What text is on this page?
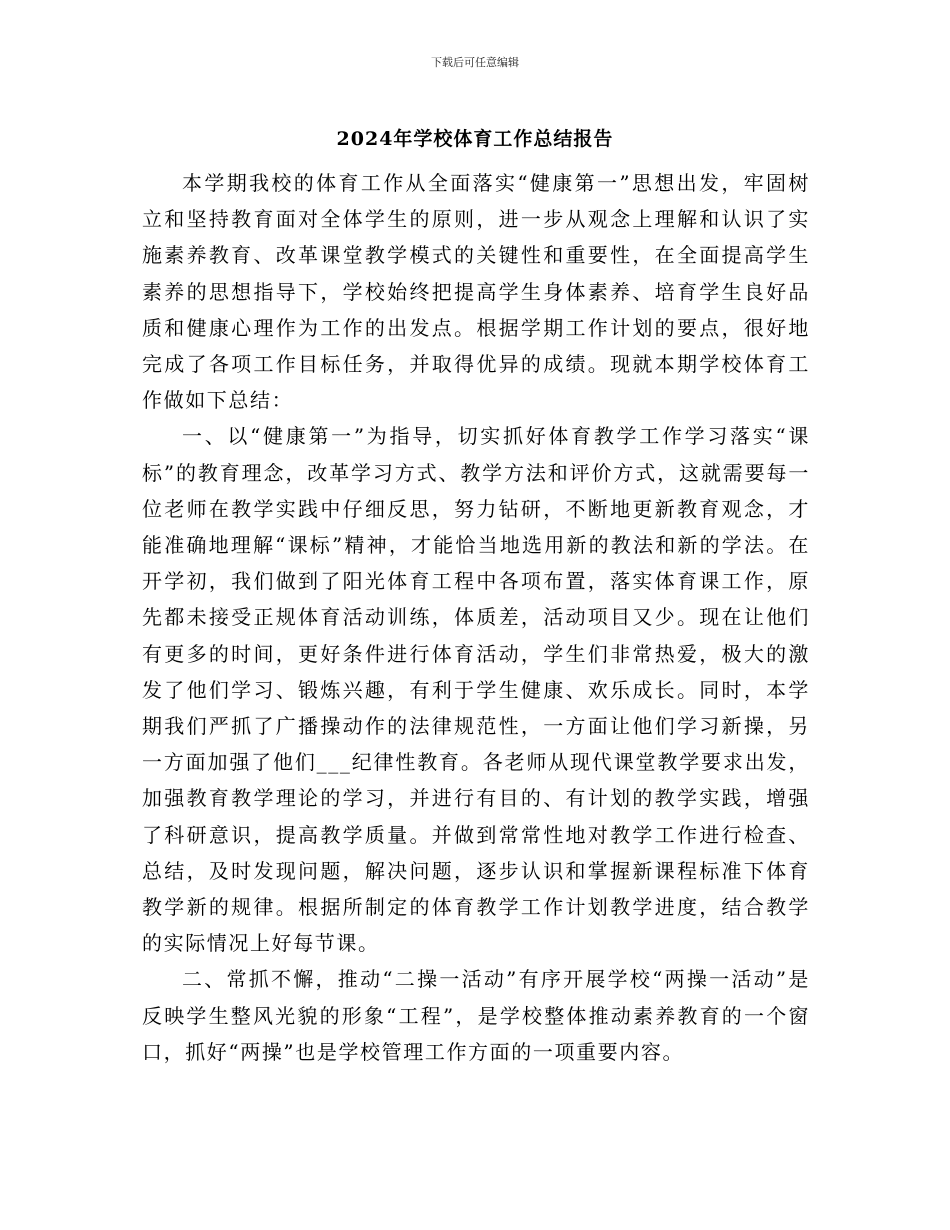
下载后可任意编辑
2024年学校体育工作总结报告

本学期我校的体育工作从全面落实“健康第一”思想出发，牢固树立和坚持教育面对全体学生的原则，进一步从观念上理解和认识了实施素养教育、改革课堂教学模式的关键性和重要性，在全面提高学生素养的思想指导下，学校始终把提高学生身体素养、培育学生良好品质和健康心理作为工作的出发点。根据学期工作计划的要点，很好地完成了各项工作目标任务，并取得优异的成绩。现就本期学校体育工作做如下总结：

一、以“健康第一”为指导，切实抓好体育教学工作学习落实“课标”的教育理念，改革学习方式、教学方法和评价方式，这就需要每一位老师在教学实践中仔细反思，努力钻研，不断地更新教育观念，才能准确地理解“课标”精神，才能恰当地选用新的教法和新的学法。在开学初，我们做到了阳光体育工程中各项布置，落实体育课工作，原先都未接受正规体育活动训练，体质差，活动项目又少。现在让他们有更多的时间，更好条件进行体育活动，学生们非常热爱，极大的激发了他们学习、锻炼兴趣，有利于学生健康、欢乐成长。同时，本学期我们严抓了广播操动作的法律规范性，一方面让他们学习新操，另一方面加强了他们___纪律性教育。各老师从现代课堂教学要求出发，加强教育教学理论的学习，并进行有目的、有计划的教学实践，增强了科研意识，提高教学质量。并做到常常性地对教学工作进行检查、总结，及时发现问题，解决问题，逐步认识和掌握新课程标准下体育教学新的规律。根据所制定的体育教学工作计划教学进度，结合教学的实际情况上好每节课。

二、常抓不懈，推动“二操一活动”有序开展学校“两操一活动”是反映学生整风光貌的形象“工程”，是学校整体推动素养教育的一个窗口，抓好“两操”也是学校管理工作方面的一项重要内容。
